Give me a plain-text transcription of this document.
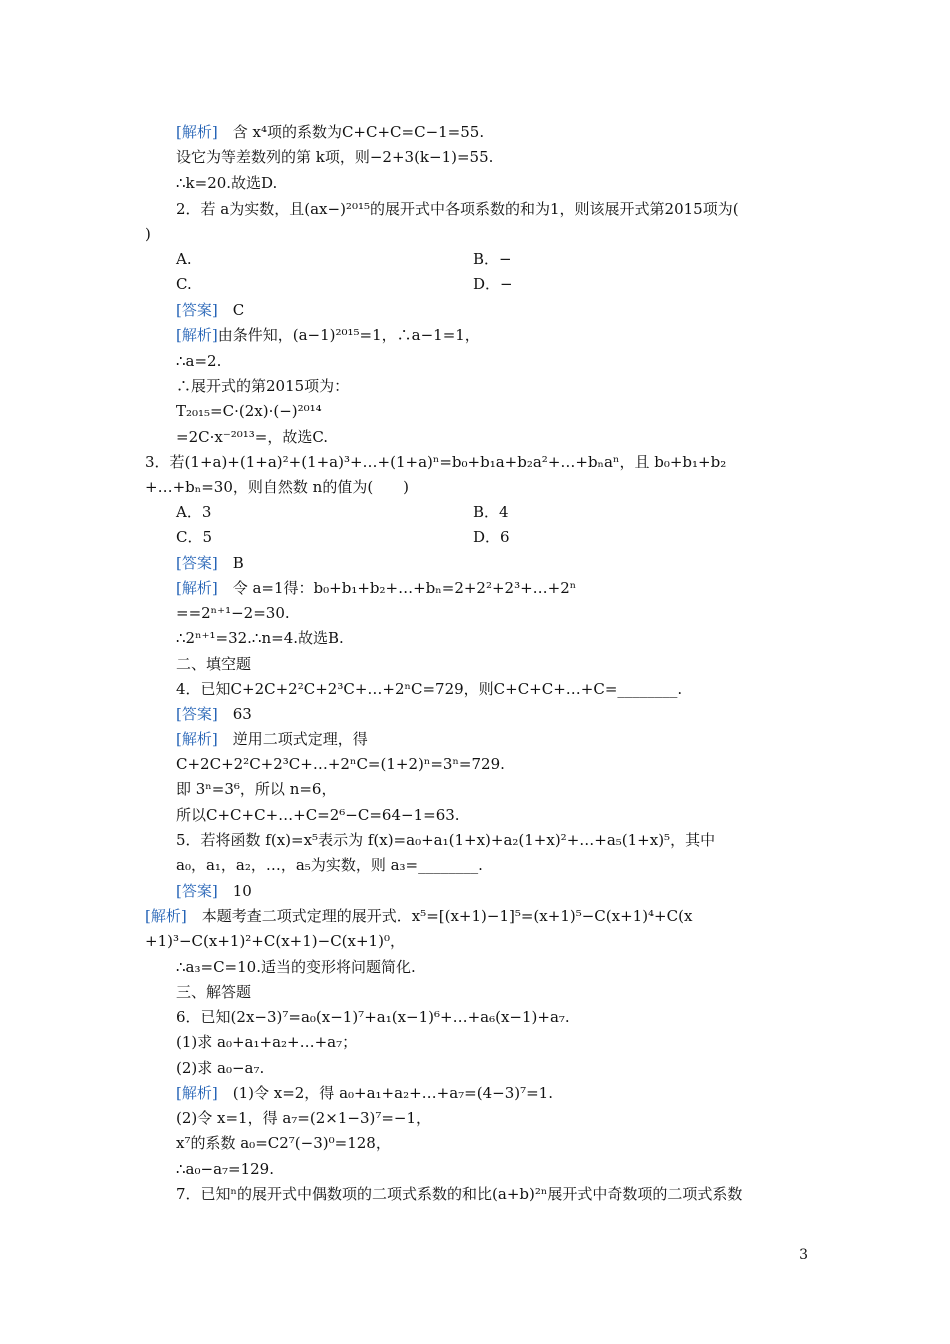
[解析]　含 x⁴项的系数为C+C+C=C−1=55.
设它为等差数列的第 k项，则−2+3(k−1)=55.
∴k=20.故选D.
2．若 a为实数，且(ax−)²⁰¹⁵的展开式中各项系数的和为1，则该展开式第2015项为(
)
A.	B．−
C.	D．−
[答案]　C
[解析]由条件知，(a−1)²⁰¹⁵=1，∴a−1=1，
∴a=2.
∴展开式的第2015项为：
T₂₀₁₅=C·(2x)·(−)²⁰¹⁴
=2C·x⁻²⁰¹³=，故选C.
3．若(1+a)+(1+a)²+(1+a)³+…+(1+a)ⁿ=b₀+b₁a+b₂a²+…+bₙaⁿ，且 b₀+b₁+b₂
+…+bₙ=30，则自然数 n的值为(　　)
A．3	B．4
C．5	D．6
[答案]　B
[解析]　令 a=1得：b₀+b₁+b₂+…+bₙ=2+2²+2³+…+2ⁿ
==2ⁿ⁺¹−2=30.
∴2ⁿ⁺¹=32.∴n=4.故选B.
二、填空题
4．已知C+2C+2²C+2³C+…+2ⁿC=729，则C+C+C+…+C=________.
[答案]　63
[解析]　逆用二项式定理，得
C+2C+2²C+2³C+…+2ⁿC=(1+2)ⁿ=3ⁿ=729.
即 3ⁿ=3⁶，所以 n=6，
所以C+C+C+…+C=2⁶−C=64−1=63.
5．若将函数 f(x)=x⁵表示为 f(x)=a₀+a₁(1+x)+a₂(1+x)²+…+a₅(1+x)⁵，其中
a₀，a₁，a₂，…，a₅为实数，则 a₃=________.
[答案]　10
[解析]　本题考查二项式定理的展开式．x⁵=[(x+1)−1]⁵=(x+1)⁵−C(x+1)⁴+C(x
+1)³−C(x+1)²+C(x+1)−C(x+1)⁰，
∴a₃=C=10.适当的变形将问题简化.
三、解答题
6．已知(2x−3)⁷=a₀(x−1)⁷+a₁(x−1)⁶+…+a₆(x−1)+a₇.
(1)求 a₀+a₁+a₂+…+a₇；
(2)求 a₀−a₇.
[解析]　(1)令 x=2，得 a₀+a₁+a₂+…+a₇=(4−3)⁷=1.
(2)令 x=1，得 a₇=(2×1−3)⁷=−1，
x⁷的系数 a₀=C2⁷(−3)⁰=128，
∴a₀−a₇=129.
7．已知ⁿ的展开式中偶数项的二项式系数的和比(a+b)²ⁿ展开式中奇数项的二项式系数
3
